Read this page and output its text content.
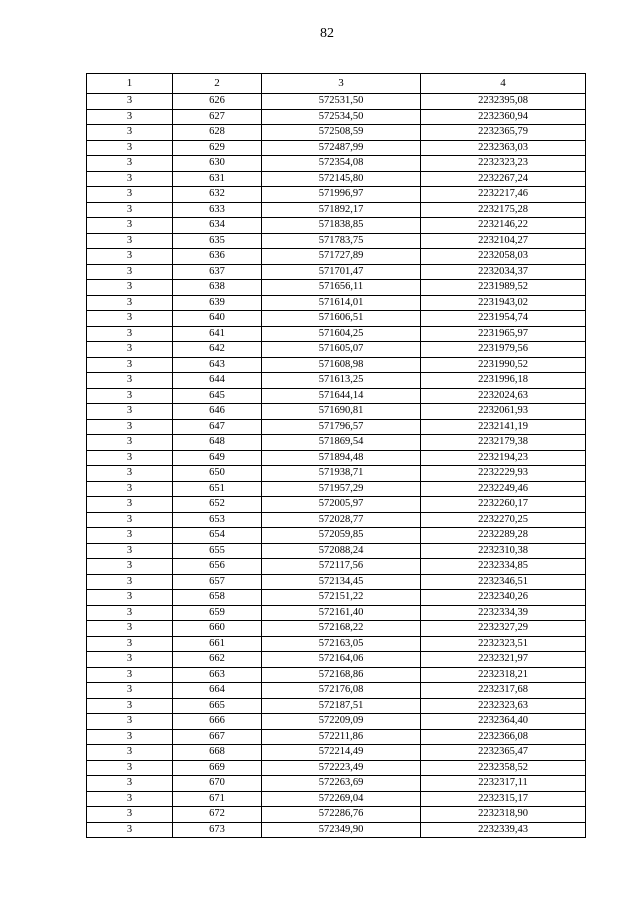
82
1	2	3	4
3	626	572531,50	2232395,08
3	627	572534,50	2232360,94
3	628	572508,59	2232365,79
3	629	572487,99	2232363,03
3	630	572354,08	2232323,23
3	631	572145,80	2232267,24
3	632	571996,97	2232217,46
3	633	571892,17	2232175,28
3	634	571838,85	2232146,22
3	635	571783,75	2232104,27
3	636	571727,89	2232058,03
3	637	571701,47	2232034,37
3	638	571656,11	2231989,52
3	639	571614,01	2231943,02
3	640	571606,51	2231954,74
3	641	571604,25	2231965,97
3	642	571605,07	2231979,56
3	643	571608,98	2231990,52
3	644	571613,25	2231996,18
3	645	571644,14	2232024,63
3	646	571690,81	2232061,93
3	647	571796,57	2232141,19
3	648	571869,54	2232179,38
3	649	571894,48	2232194,23
3	650	571938,71	2232229,93
3	651	571957,29	2232249,46
3	652	572005,97	2232260,17
3	653	572028,77	2232270,25
3	654	572059,85	2232289,28
3	655	572088,24	2232310,38
3	656	572117,56	2232334,85
3	657	572134,45	2232346,51
3	658	572151,22	2232340,26
3	659	572161,40	2232334,39
3	660	572168,22	2232327,29
3	661	572163,05	2232323,51
3	662	572164,06	2232321,97
3	663	572168,86	2232318,21
3	664	572176,08	2232317,68
3	665	572187,51	2232323,63
3	666	572209,09	2232364,40
3	667	572211,86	2232366,08
3	668	572214,49	2232365,47
3	669	572223,49	2232358,52
3	670	572263,69	2232317,11
3	671	572269,04	2232315,17
3	672	572286,76	2232318,90
3	673	572349,90	2232339,43
